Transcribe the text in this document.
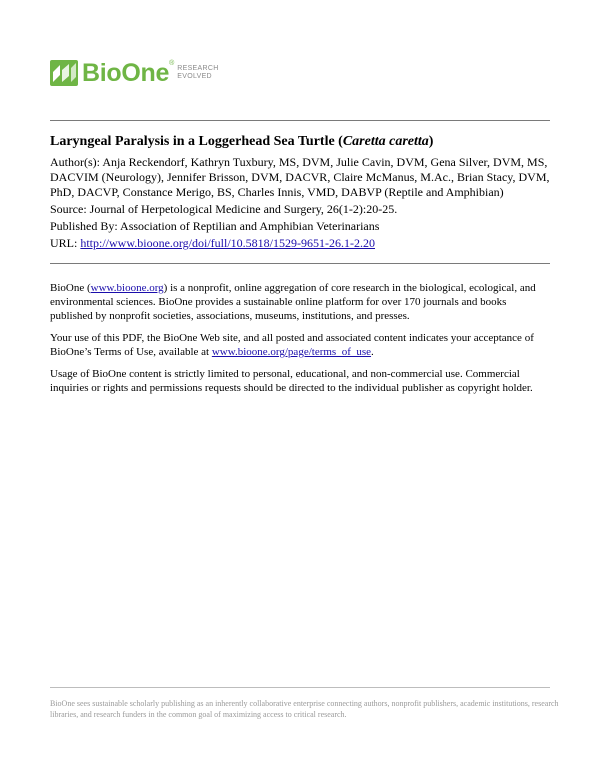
BioOne ®
RESEARCH
EVOLVED
Laryngeal Paralysis in a Loggerhead Sea Turtle (Caretta caretta)

Author(s): Anja Reckendorf, Kathryn Tuxbury, MS, DVM, Julie Cavin, DVM, Gena Silver, DVM, MS, DACVIM (Neurology), Jennifer Brisson, DVM, DACVR, Claire McManus, M.Ac., Brian Stacy, DVM, PhD, DACVP, Constance Merigo, BS, Charles Innis, VMD, DABVP (Reptile and Amphibian)

Source: Journal of Herpetological Medicine and Surgery, 26(1-2):20-25.

Published By: Association of Reptilian and Amphibian Veterinarians

URL: http://www.bioone.org/doi/full/10.5818/1529-9651-26.1-2.20

BioOne (www.bioone.org) is a nonprofit, online aggregation of core research in the biological, ecological, and environmental sciences. BioOne provides a sustainable online platform for over 170 journals and books published by nonprofit societies, associations, museums, institutions, and presses.

Your use of this PDF, the BioOne Web site, and all posted and associated content indicates your acceptance of BioOne’s Terms of Use, available at www.bioone.org/page/terms_of_use.

Usage of BioOne content is strictly limited to personal, educational, and non-commercial use. Commercial inquiries or rights and permissions requests should be directed to the individual publisher as copyright holder.

BioOne sees sustainable scholarly publishing as an inherently collaborative enterprise connecting authors, nonprofit publishers, academic institutions, research libraries, and research funders in the common goal of maximizing access to critical research.
